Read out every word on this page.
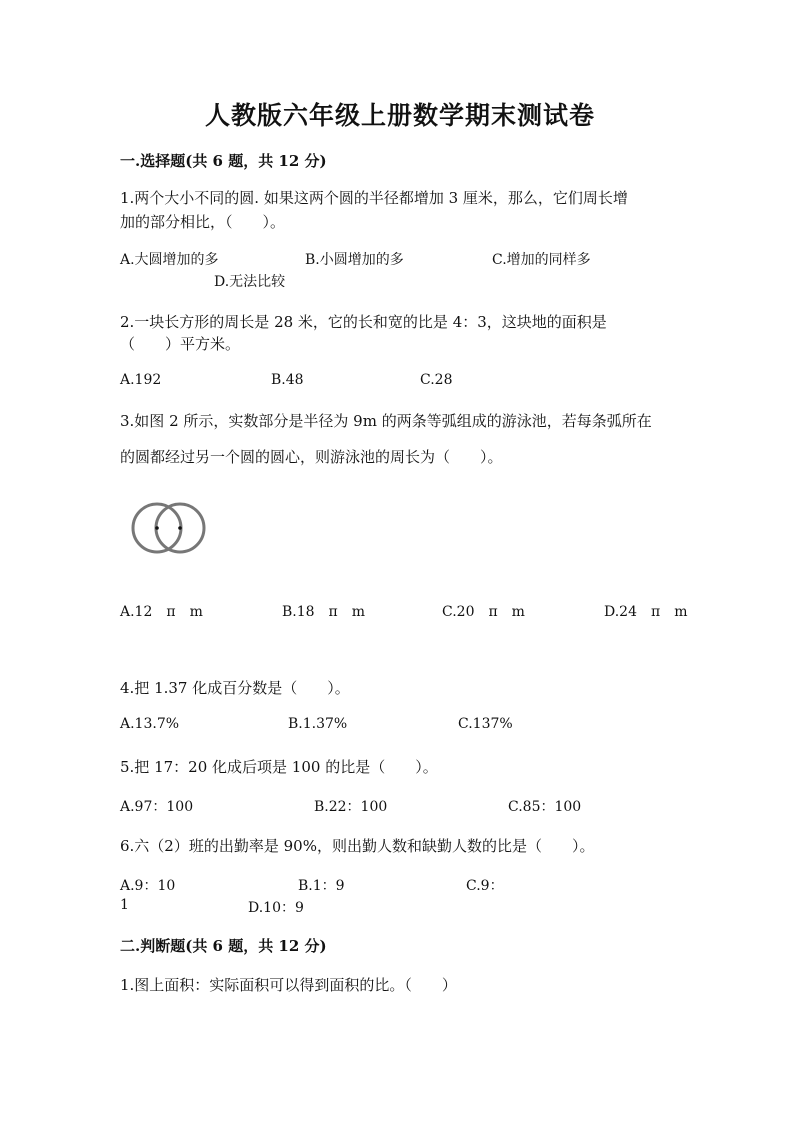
人教版六年级上册数学期末测试卷
一.选择题(共 6 题，共 12 分)
1.两个大小不同的圆. 如果这两个圆的半径都增加 3 厘米，那么，它们周长增
加的部分相比，（　　）。
A.大圆增加的多	B.小圆增加的多	C.增加的同样多
D.无法比较
2.一块长方形的周长是 28 米，它的长和宽的比是 4：3，这块地的面积是
（　　）平方米。
A.192	B.48	C.28
3.如图 2 所示，实数部分是半径为 9m 的两条等弧组成的游泳池，若每条弧所在
的圆都经过另一个圆的圆心，则游泳池的周长为（　　）。
A.12　π　m	B.18　π　m	C.20　π　m	D.24　π　m
4.把 1.37 化成百分数是（　　）。
A.13.7%	B.1.37%	C.137%
5.把 17：20 化成后项是 100 的比是（　　）。
A.97：100	B.22：100	C.85：100
6.六（2）班的出勤率是 90%，则出勤人数和缺勤人数的比是（　　）。
A.9：10	B.1：9	C.9：
1	D.10：9
二.判断题(共 6 题，共 12 分)
1.图上面积：实际面积可以得到面积的比。（　　）
